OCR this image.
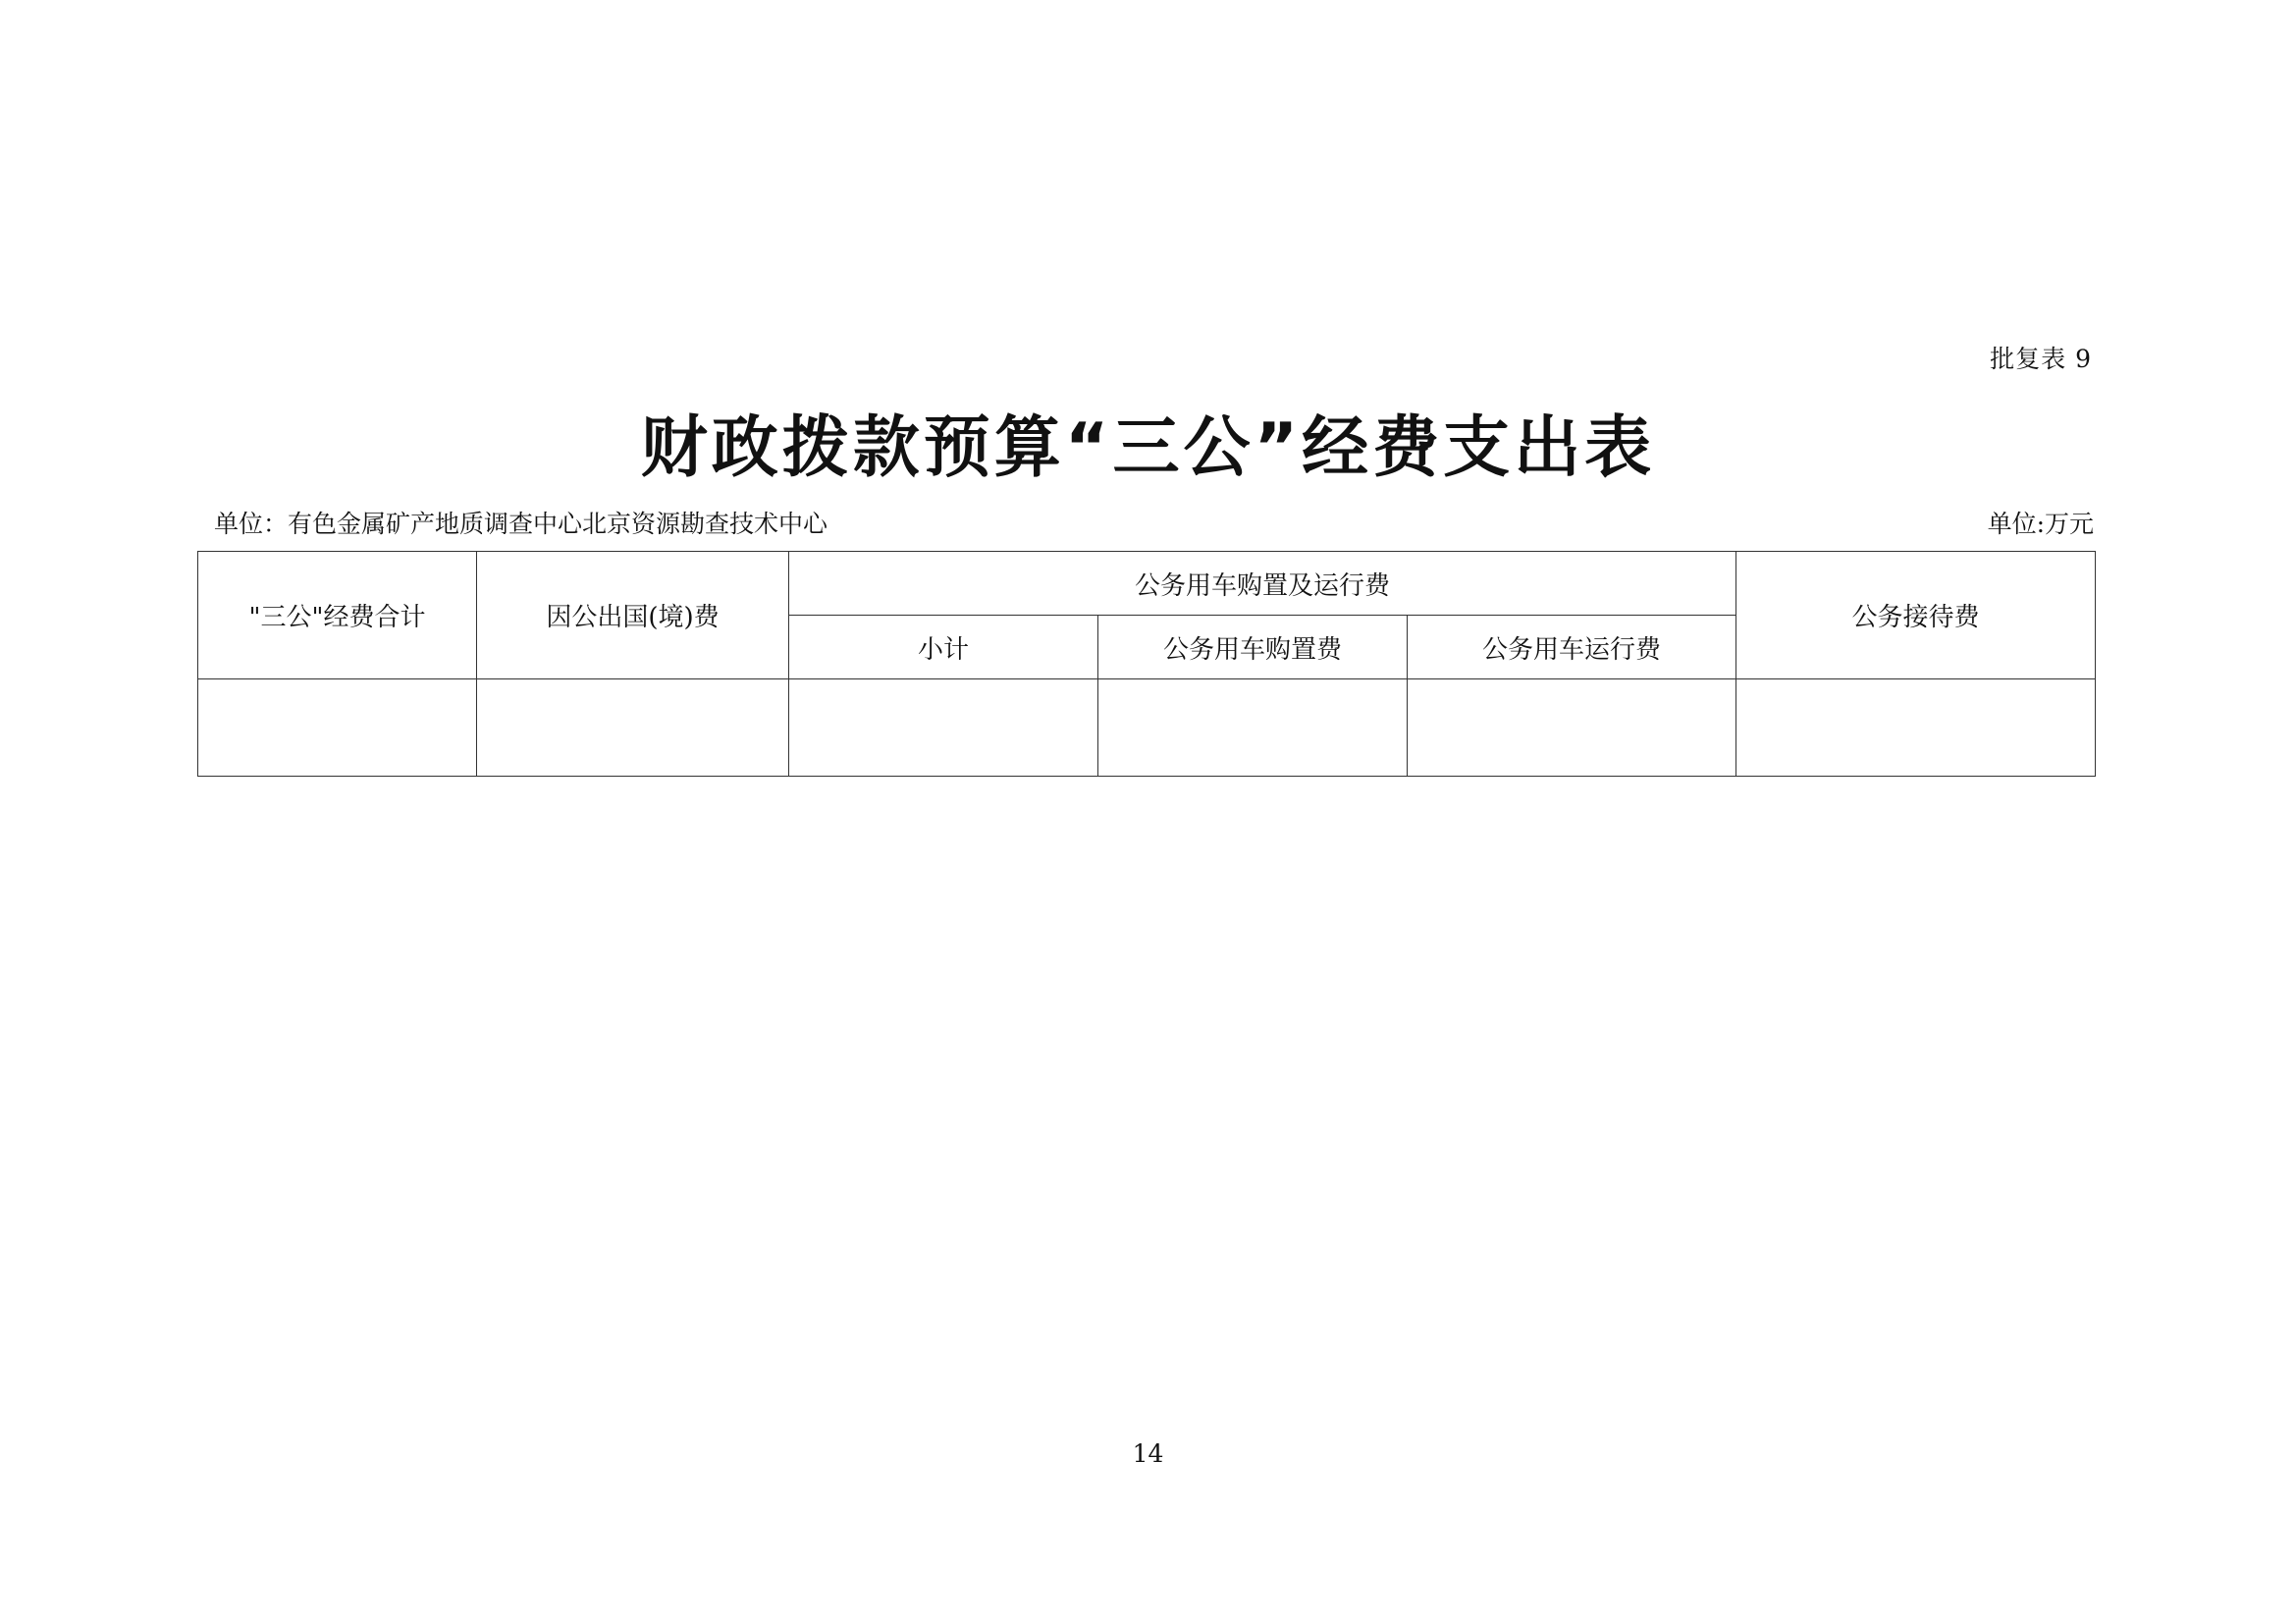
批复表 9
财政拨款预算“三公”经费支出表
单位：有色金属矿产地质调查中心北京资源勘查技术中心	单位:万元
"三公"经费合计	因公出国(境)费	公务用车购置及运行费			公务接待费
		小计	公务用车购置费	公务用车运行费	

14
